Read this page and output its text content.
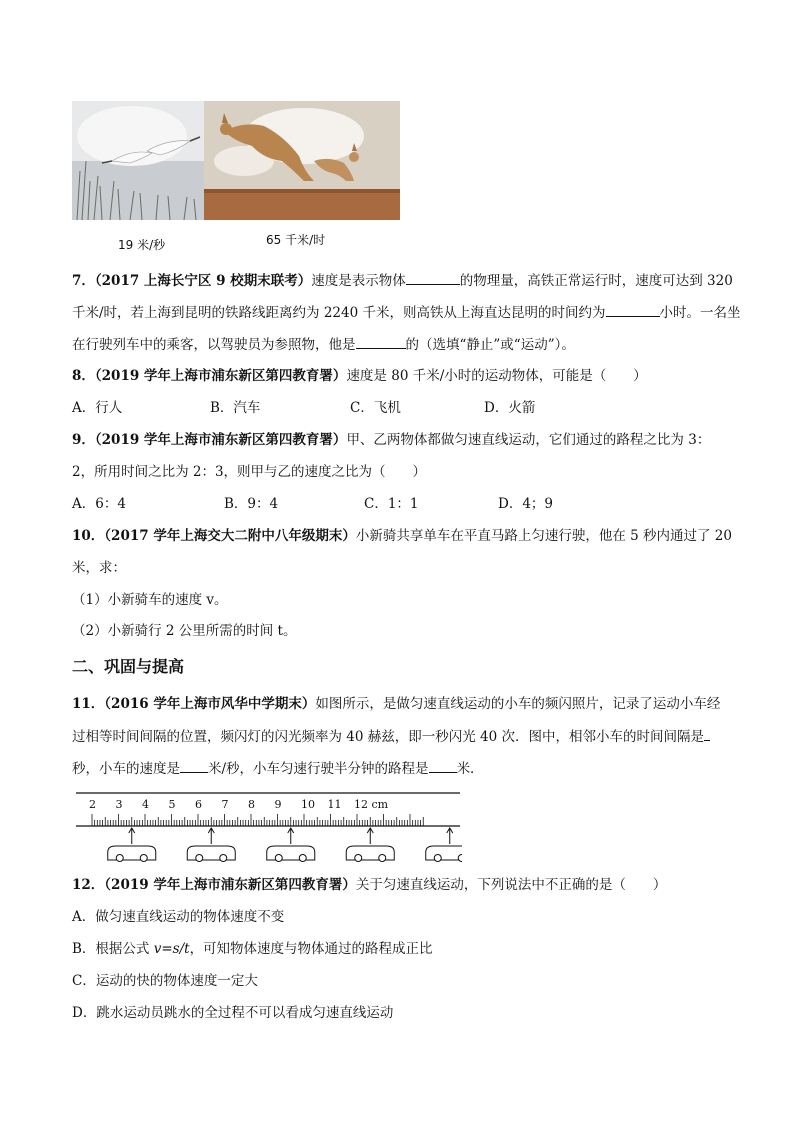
19 米/秒	65 千米/时
7．（2017 上海长宁区 9 校期末联考）速度是表示物体	的物理量，高铁正常运行时，速度可达到 320
千米/时，若上海到昆明的铁路线距离约为 2240 千米，则高铁从上海直达昆明的时间约为	小时。一名坐
在行驶列车中的乘客，以驾驶员为参照物，他是	的（选填“静止”或“运动”）。
8．（2019 学年上海市浦东新区第四教育署）速度是 80 千米/小时的运动物体，可能是（　　）
A．行人	B．汽车	C．飞机	D．火箭
9．（2019 学年上海市浦东新区第四教育署）甲、乙两物体都做匀速直线运动，它们通过的路程之比为 3：
2，所用时间之比为 2：3，则甲与乙的速度之比为（　　）
A．6：4	B．9：4	C．1：1	D．4；9
10．（2017 学年上海交大二附中八年级期末）小新骑共享单车在平直马路上匀速行驶，他在 5 秒内通过了 20
米，求：
（1）小新骑车的速度 v。
（2）小新骑行 2 公里所需的时间 t。
二、巩固与提高
11．（2016 学年上海市风华中学期末）如图所示，是做匀速直线运动的小车的频闪照片，记录了运动小车经
过相等时间间隔的位置，频闪灯的闪光频率为 40 赫兹，即一秒闪光 40 次．图中，相邻小车的时间间隔是
秒，小车的速度是 米/秒，小车匀速行驶半分钟的路程是 米．
2 3 4 5 6 7 8 9 10 11 12 cm
12．（2019 学年上海市浦东新区第四教育署）关于匀速直线运动，下列说法中不正确的是（　　）
A．做匀速直线运动的物体速度不变
B．根据公式 v=s/t，可知物体速度与物体通过的路程成正比
C．运动的快的物体速度一定大
D．跳水运动员跳水的全过程不可以看成匀速直线运动
